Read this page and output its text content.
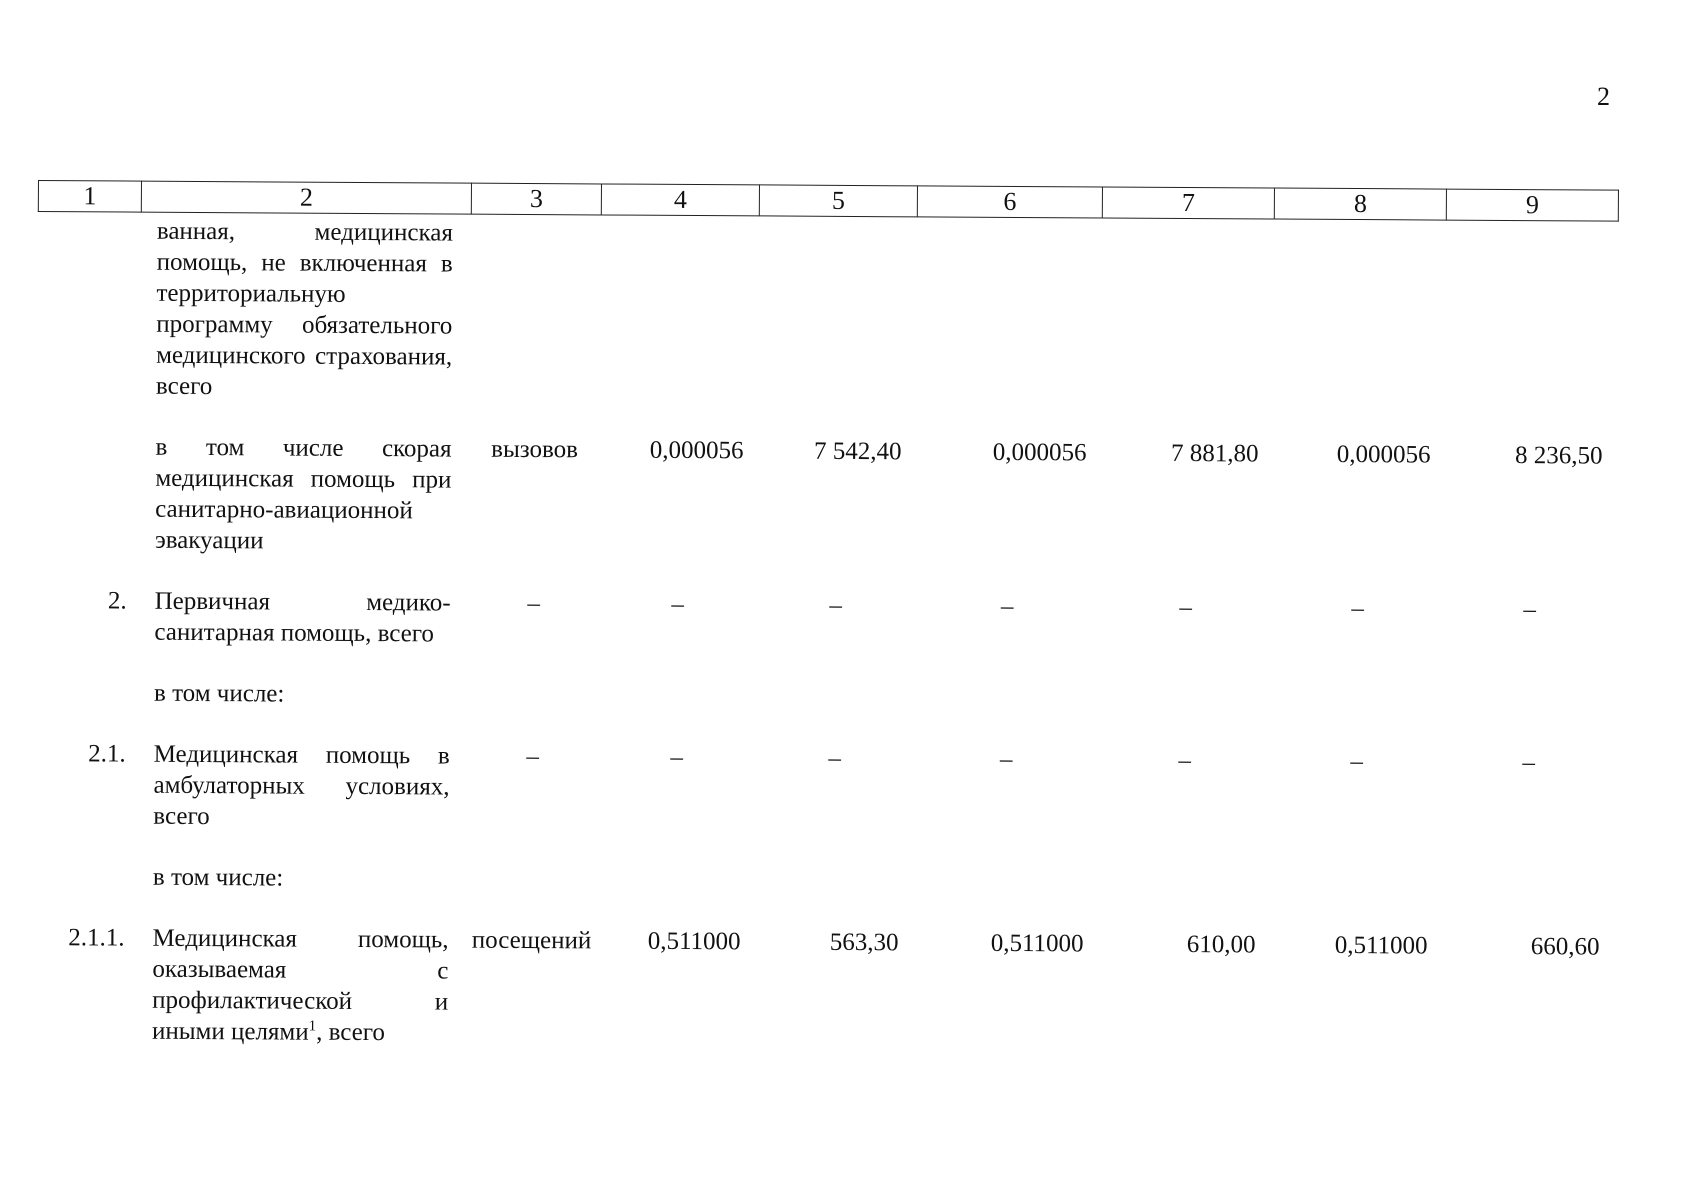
2
1	2	3	4	5	6	7	8	9
	ванная, медицинская помощь, не включенная в территориальную программу обязательного медицинского страхования, всего							
	в том числе скорая медицинская помощь при санитарно-авиационной эвакуации	вызовов	0,000056	7 542,40	0,000056	7 881,80	0,000056	8 236,50
2.	Первичная медико-санитарная помощь, всего	–	–	–	–	–	–	–
	в том числе:							
2.1.	Медицинская помощь в амбулаторных условиях, всего	–	–	–	–	–	–	–
	в том числе:							
2.1.1.	Медицинская помощь, оказываемая с профилактической и иными целями$^1$, всего	посещений	0,511000	563,30	0,511000	610,00	0,511000	660,60
